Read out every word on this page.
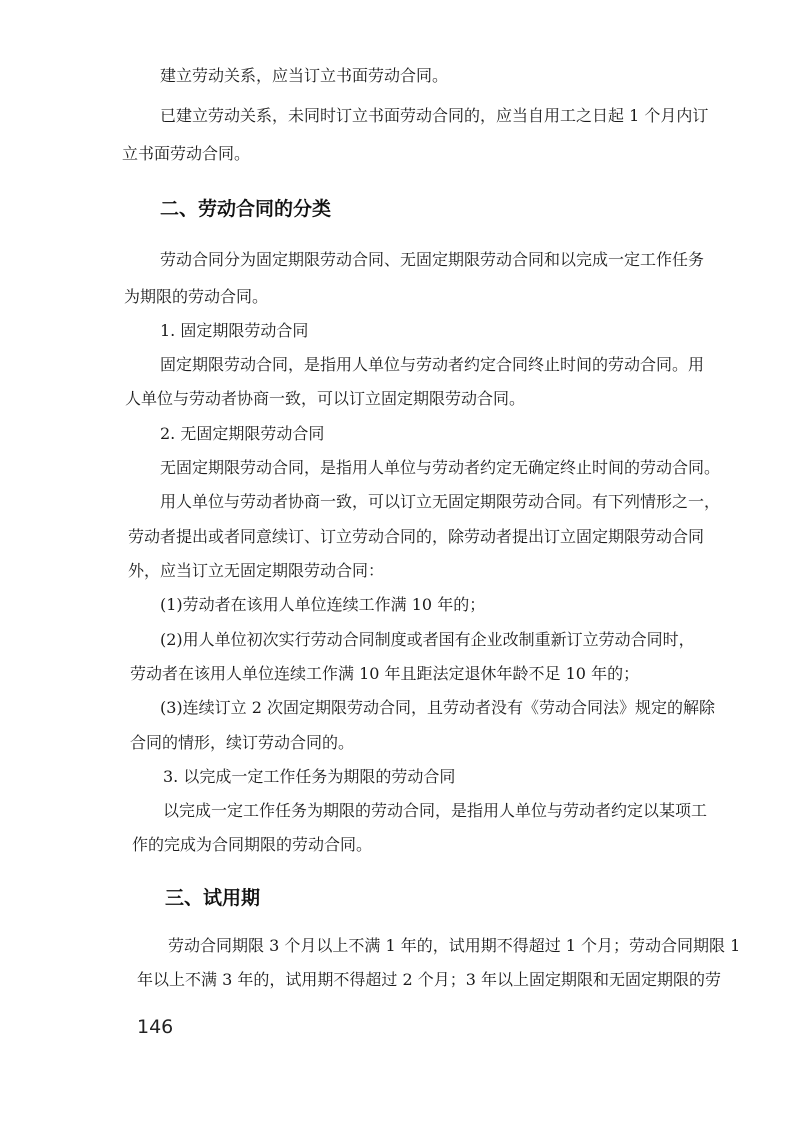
建立劳动关系，应当订立书面劳动合同。
已建立劳动关系，未同时订立书面劳动合同的，应当自用工之日起 1 个月内订
立书面劳动合同。
二、劳动合同的分类
劳动合同分为固定期限劳动合同、无固定期限劳动合同和以完成一定工作任务
为期限的劳动合同。
1. 固定期限劳动合同
固定期限劳动合同，是指用人单位与劳动者约定合同终止时间的劳动合同。用
人单位与劳动者协商一致，可以订立固定期限劳动合同。
2. 无固定期限劳动合同
无固定期限劳动合同，是指用人单位与劳动者约定无确定终止时间的劳动合同。
用人单位与劳动者协商一致，可以订立无固定期限劳动合同。有下列情形之一，
劳动者提出或者同意续订、订立劳动合同的，除劳动者提出订立固定期限劳动合同
外，应当订立无固定期限劳动合同：
(1)劳动者在该用人单位连续工作满 10 年的；
(2)用人单位初次实行劳动合同制度或者国有企业改制重新订立劳动合同时，
劳动者在该用人单位连续工作满 10 年且距法定退休年龄不足 10 年的；
(3)连续订立 2 次固定期限劳动合同，且劳动者没有《劳动合同法》规定的解除
合同的情形，续订劳动合同的。
3. 以完成一定工作任务为期限的劳动合同
以完成一定工作任务为期限的劳动合同，是指用人单位与劳动者约定以某项工
作的完成为合同期限的劳动合同。
三、试用期
劳动合同期限 3 个月以上不满 1 年的，试用期不得超过 1 个月；劳动合同期限 1
年以上不满 3 年的，试用期不得超过 2 个月；3 年以上固定期限和无固定期限的劳
146
